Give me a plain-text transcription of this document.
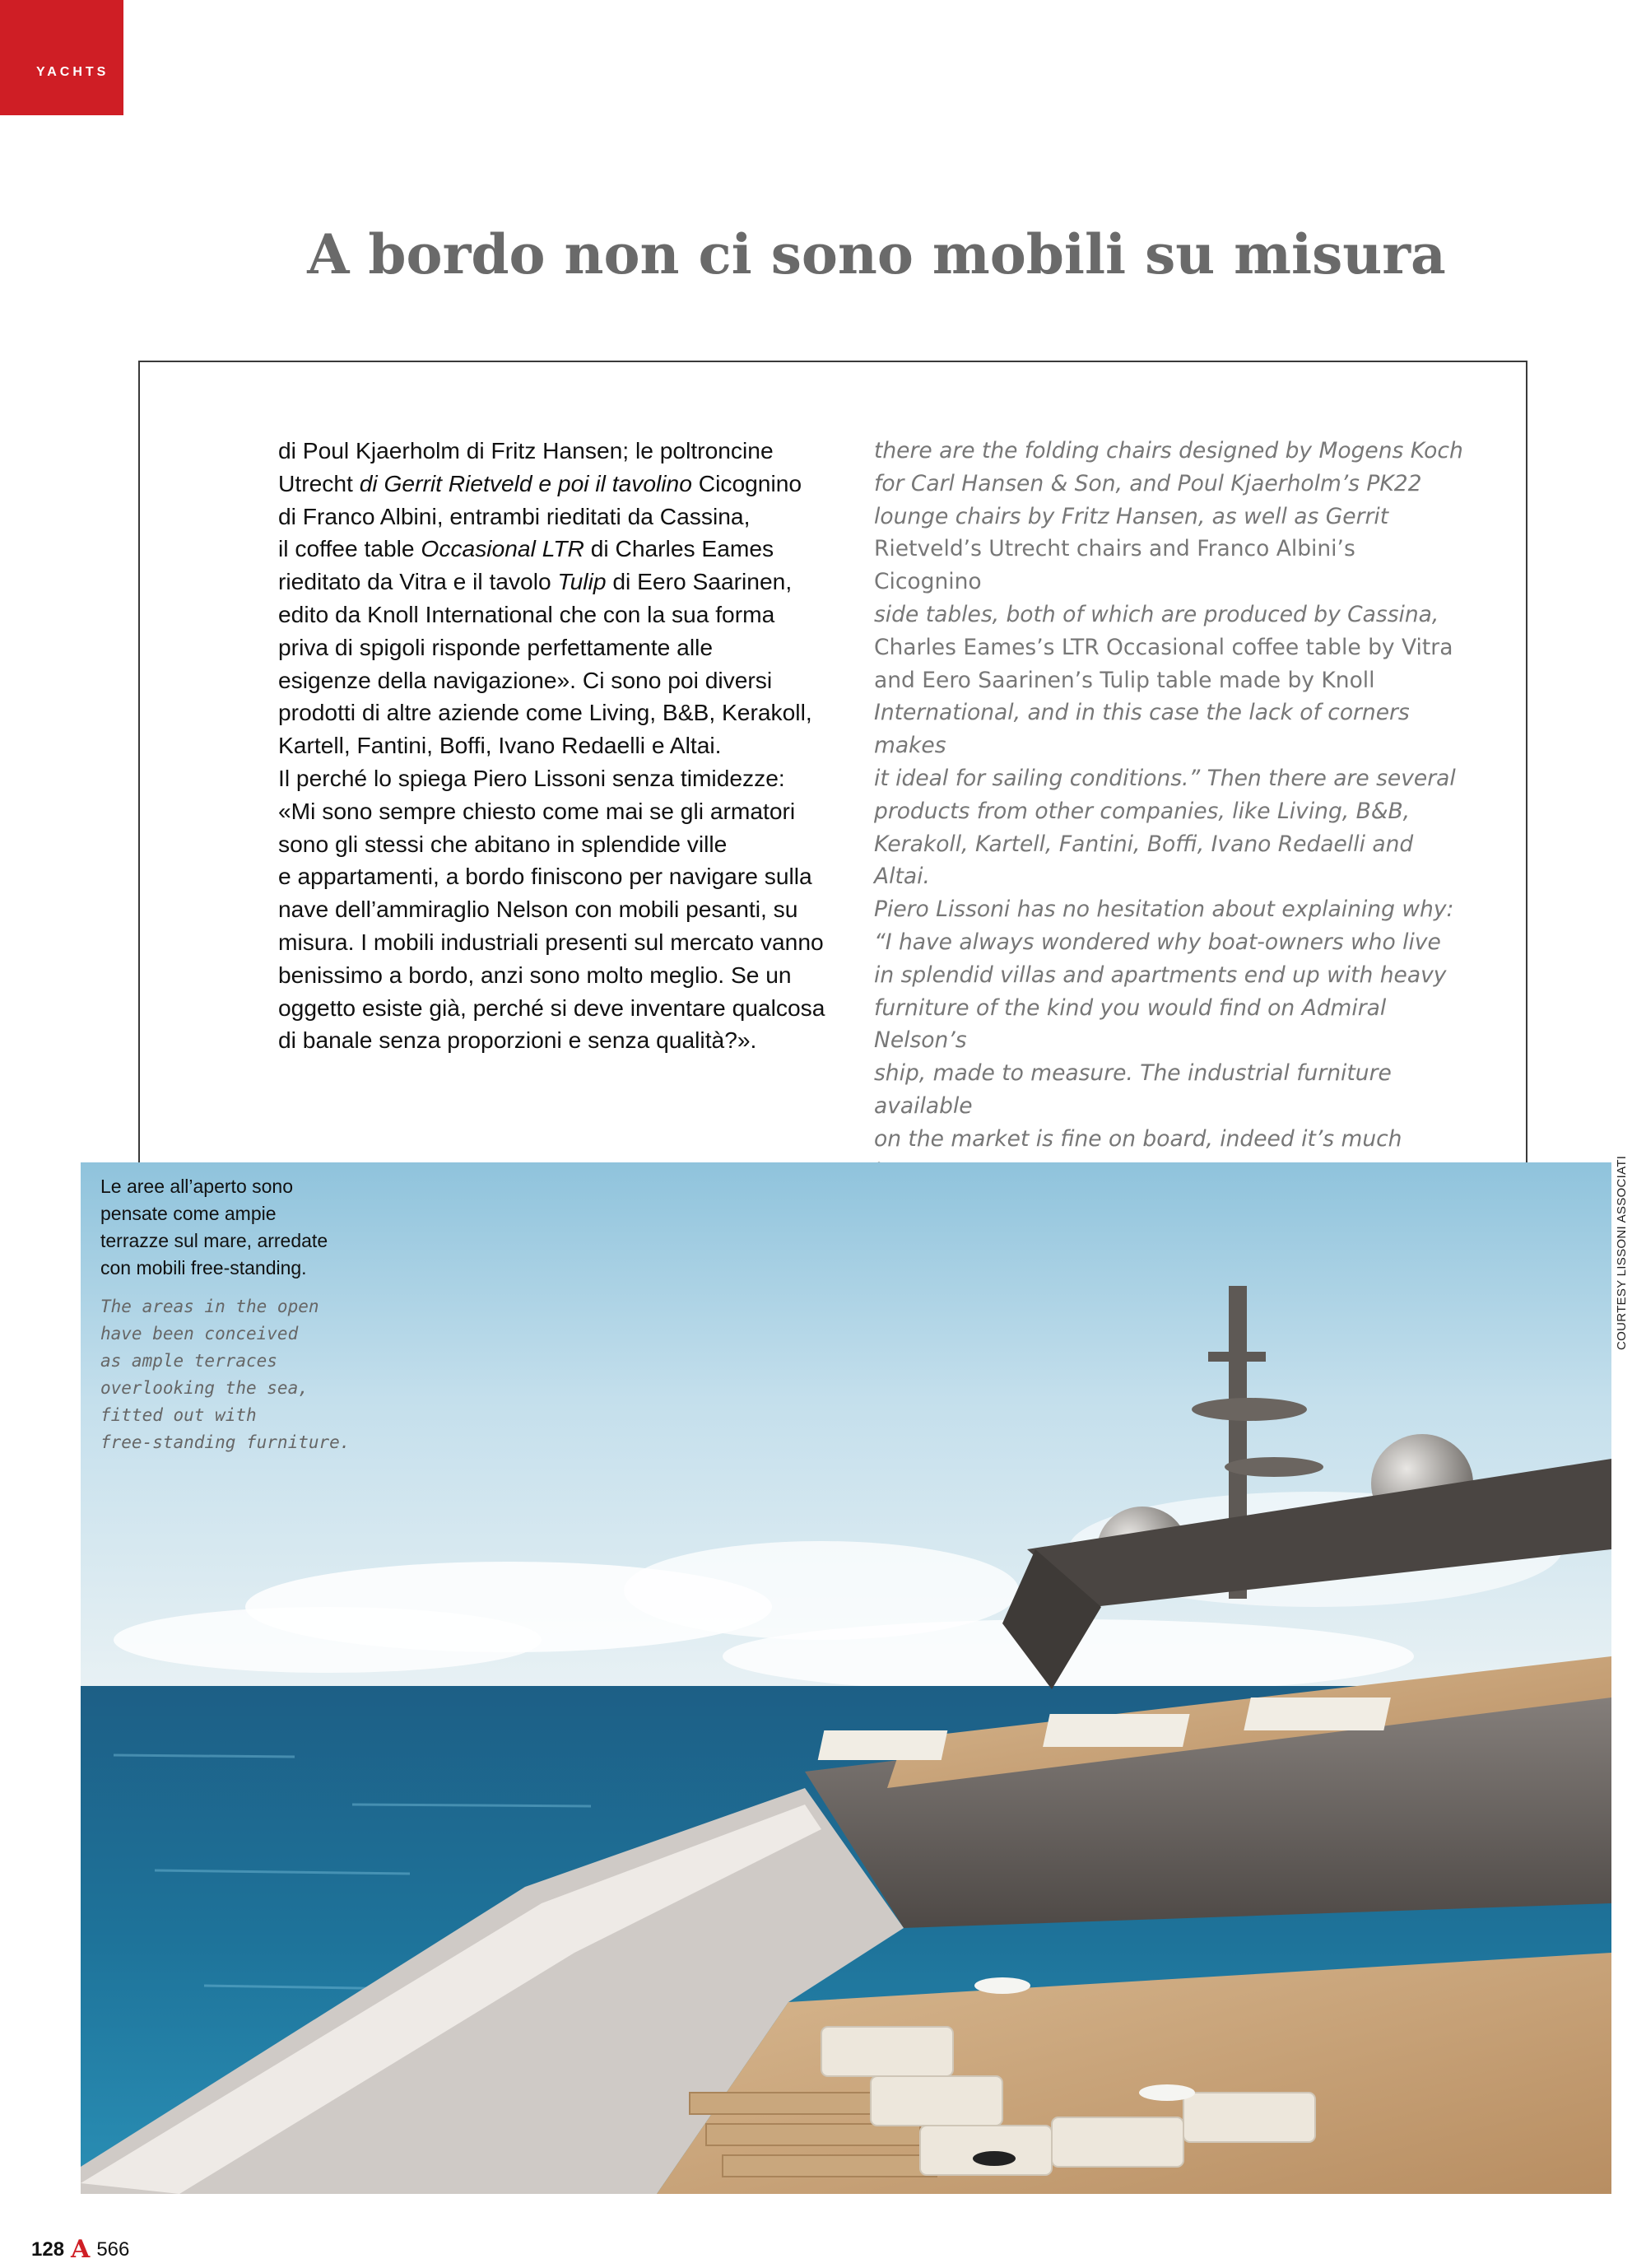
YACHTS
A bordo non ci sono mobili su misura

di Poul Kjaerholm di Fritz Hansen; le poltroncine

Utrecht di Gerrit Rietveld e poi il tavolino Cicognino

di Franco Albini, entrambi rieditati da Cassina,

il coffee table Occasional LTR di Charles Eames

rieditato da Vitra e il tavolo Tulip di Eero Saarinen,

edito da Knoll International che con la sua forma

priva di spigoli risponde perfettamente alle

esigenze della navigazione». Ci sono poi diversi

prodotti di altre aziende come Living, B&B, Kerakoll,

Kartell, Fantini, Boffi, Ivano Redaelli e Altai.

Il perché lo spiega Piero Lissoni senza timidezze:

«Mi sono sempre chiesto come mai se gli armatori

sono gli stessi che abitano in splendide ville

e appartamenti, a bordo finiscono per navigare sulla

nave dell’ammiraglio Nelson con mobili pesanti, su

misura. I mobili industriali presenti sul mercato vanno

benissimo a bordo, anzi sono molto meglio. Se un

oggetto esiste già, perché si deve inventare qualcosa

di banale senza proporzioni e senza qualità?».

there are the folding chairs designed by Mogens Koch

for Carl Hansen & Son, and Poul Kjaerholm’s PK22

lounge chairs by Fritz Hansen, as well as Gerrit

Rietveld’s Utrecht chairs and Franco Albini’s Cicognino

side tables, both of which are produced by Cassina,

Charles Eames’s LTR Occasional coffee table by Vitra

and Eero Saarinen’s Tulip table made by Knoll

International, and in this case the lack of corners makes

it ideal for sailing conditions.” Then there are several

products from other companies, like Living, B&B,

Kerakoll, Kartell, Fantini, Boffi, Ivano Redaelli and Altai.

Piero Lissoni has no hesitation about explaining why:

“I have always wondered why boat-owners who live

in splendid villas and apartments end up with heavy

furniture of the kind you would find on Admiral Nelson’s

ship, made to measure. The industrial furniture available

on the market is fine on board, indeed it’s much

Le aree all’aperto sono
pensate come ampie
terrazze sul mare, arredate
con mobili free-standing.

The areas in the open
have been conceived
as ample terraces
overlooking the sea,
fitted out with
free-standing furniture.

COURTESY LISSONI ASSOCIATI
128 A 566
